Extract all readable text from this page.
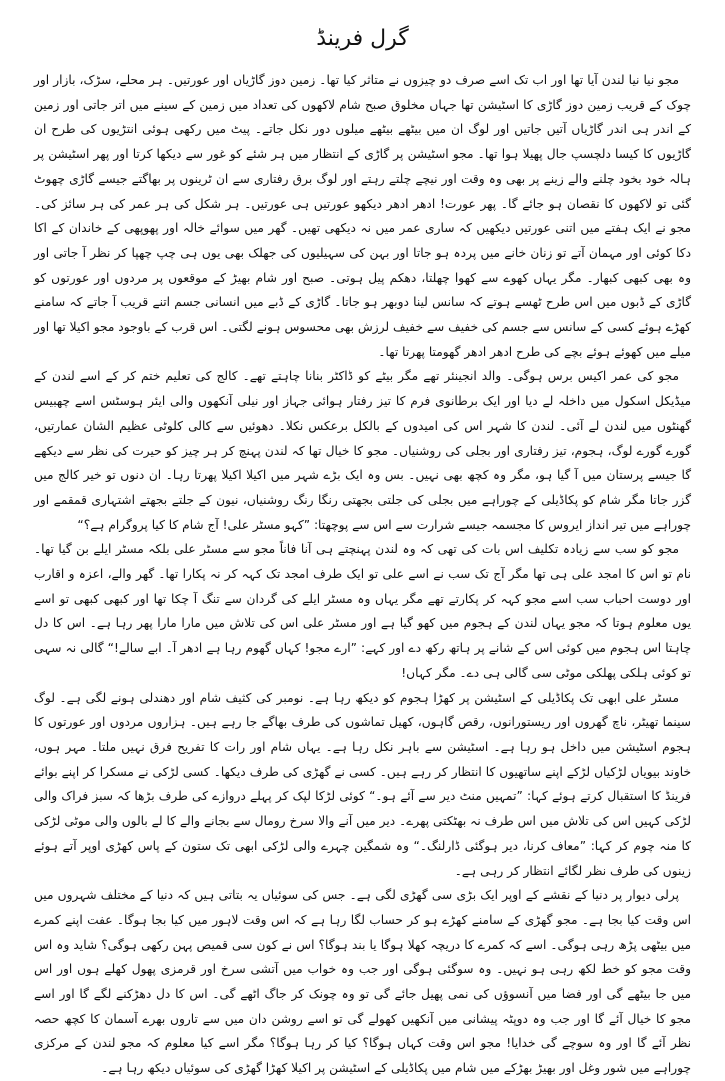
گرل فرینڈ

مجو نیا نیا لندن آیا تھا اور اب تک اسے صرف دو چیزوں نے متاثر کیا تھا۔ زمین دوز گاڑیاں اور عورتیں۔ ہر محلے، سڑک، بازار اور چوک کے قریب زمین دوز گاڑی کا اسٹیشن تھا جہاں مخلوق صبح شام لاکھوں کی تعداد میں زمین کے سینے میں اتر جاتی اور زمین کے اندر ہی اندر گاڑیاں آتیں جاتیں اور لوگ ان میں بیٹھے بیٹھے میلوں دور نکل جاتے۔ پیٹ میں رکھی ہوئی انتڑیوں کی طرح ان گاڑیوں کا کیسا دلچسپ جال پھیلا ہوا تھا۔ مجو اسٹیشن پر گاڑی کے انتظار میں ہر شئے کو غور سے دیکھا کرتا اور پھر اسٹیشن پر ہالہ خود بخود چلنے والے زینے پر بھی وہ وقت اور نیچے چلتے رہتے اور لوگ برق رفتاری سے ان ٹرینوں پر بھاگتے جیسے گاڑی چھوٹ گئی تو لاکھوں کا نقصان ہو جائے گا۔ پھر عورت! ادھر ادھر دیکھو عورتیں ہی عورتیں۔ ہر شکل کی ہر عمر کی ہر سائز کی۔ مجو نے ایک ہفتے میں اتنی عورتیں دیکھیں کہ ساری عمر میں نہ دیکھی تھیں۔ گھر میں سوائے خالہ اور پھوپھی کے خاندان کے اکا دکا کوئی اور مہمان آتے تو زنان خانے میں پردہ ہو جاتا اور بہن کی سہیلیوں کی جھلک بھی یوں ہی چپ چھپا کر نظر آ جاتی اور وہ بھی کبھی کبھار۔ مگر یہاں کھوے سے کھوا چھلتا، دھکم پیل ہوتی۔ صبح اور شام بھیڑ کے موقعوں پر مردوں اور عورتوں کو گاڑی کے ڈبوں میں اس طرح ٹھسے ہوتے کہ سانس لینا دوبھر ہو جاتا۔ گاڑی کے ڈبے میں انسانی جسم اتنے قریب آ جاتے کہ سامنے کھڑے ہوئے کسی کے سانس سے جسم کی خفیف سے خفیف لرزش بھی محسوس ہونے لگتی۔ اس قرب کے باوجود مجو اکیلا تھا اور میلے میں کھوئے ہوئے بچے کی طرح ادھر ادھر گھومتا پھرتا تھا۔

مجو کی عمر اکیس برس ہوگی۔ والد انجینئر تھے مگر بیٹے کو ڈاکٹر بنانا چاہتے تھے۔ کالج کی تعلیم ختم کر کے اسے لندن کے میڈیکل اسکول میں داخلہ لے دیا اور ایک برطانوی فرم کا تیز رفتار ہوائی جہاز اور نیلی آنکھوں والی ایئر ہوسٹس اسے چھبیس گھنٹوں میں لندن لے آئی۔ لندن کا شہر اس کی امیدوں کے بالکل برعکس نکلا۔ دھوئیں سے کالی کلوٹی عظیم الشان عمارتیں، گورے گورے لوگ، ہجوم، تیز رفتاری اور بجلی کی روشنیاں۔ مجو کا خیال تھا کہ لندن پہنچ کر ہر چیز کو حیرت کی نظر سے دیکھے گا جیسے پرستان میں آ گیا ہو، مگر وہ کچھ بھی نہیں۔ بس وہ ایک بڑے شہر میں اکیلا اکیلا پھرتا رہا۔ ان دنوں تو خیر کالج میں گزر جاتا مگر شام کو پکاڈیلی کے چوراہے میں بجلی کی جلتی بجھتی رنگا رنگ روشنیاں، نیون کے جلتے بجھتے اشتہاری قمقمے اور چوراہے میں تیر انداز ایروس کا مجسمہ جیسے شرارت سے اس سے پوچھتا: ”کہو مسٹر علی! آج شام کا کیا پروگرام ہے؟“

مجو کو سب سے زیادہ تکلیف اس بات کی تھی کہ وہ لندن پہنچتے ہی آنا فاناً مجو سے مسٹر علی بلکہ مسٹر ایلے بن گیا تھا۔ نام تو اس کا امجد علی ہی تھا مگر آج تک سب نے اسے علی تو ایک طرف امجد تک کہہ کر نہ پکارا تھا۔ گھر والے، اعزہ و اقارب اور دوست احباب سب اسے مجو کہہ کر پکارتے تھے مگر یہاں وہ مسٹر ایلے کی گردان سے تنگ آ چکا تھا اور کبھی کبھی تو اسے یوں معلوم ہوتا کہ مجو یہاں لندن کے ہجوم میں کھو گیا ہے اور مسٹر علی اس کی تلاش میں مارا مارا پھر رہا ہے۔ اس کا دل چاہتا اس ہجوم میں کوئی اس کے شانے پر ہاتھ رکھ دے اور کہے: ”ارے مجو! کہاں گھوم رہا ہے ادھر آ۔ ابے سالے!“ گالی نہ سہی تو کوئی ہلکی پھلکی موٹی سی گالی ہی دے۔ مگر کہاں!

مسٹر علی ابھی تک پکاڈیلی کے اسٹیشن پر کھڑا ہجوم کو دیکھ رہا ہے۔ نومبر کی کثیف شام اور دھندلی ہونے لگی ہے۔ لوگ سینما تھیٹر، ناچ گھروں اور ریستورانوں، رقص گاہوں، کھیل تماشوں کی طرف بھاگے جا رہے ہیں۔ ہزاروں مردوں اور عورتوں کا ہجوم اسٹیشن میں داخل ہو رہا ہے۔ اسٹیشن سے باہر نکل رہا ہے۔ یہاں شام اور رات کا تفریح فرق نہیں ملتا۔ مہر ہوں، خاوند بیویاں لڑکیاں لڑکے اپنے ساتھیوں کا انتظار کر رہے ہیں۔ کسی نے گھڑی کی طرف دیکھا۔ کسی لڑکی نے مسکرا کر اپنے بوائے فرینڈ کا استقبال کرتے ہوئے کہا: ”تمہیں منٹ دیر سے آئے ہو۔“ کوئی لڑکا لپک کر پہلے دروازے کی طرف بڑھا کہ سبز فراک والی لڑکی کہیں اس کی تلاش میں اس طرف نہ بھٹکتی پھرے۔ دیر میں آنے والا سرخ رومال سے بجانے والے کا لے بالوں والی موٹی لڑکی کا منہ چوم کر کہا: ”معاف کرنا، دیر ہوگئی ڈارلنگ۔“ وہ شمگین چہرے والی لڑکی ابھی تک ستون کے پاس کھڑی اوپر آتے ہوئے زینوں کی طرف نظر لگائے انتظار کر رہی ہے۔

پرلی دیوار پر دنیا کے نقشے کے اوپر ایک بڑی سی گھڑی لگی ہے۔ جس کی سوئیاں یہ بتاتی ہیں کہ دنیا کے مختلف شہروں میں اس وقت کیا بجا ہے۔ مجو گھڑی کے سامنے کھڑے ہو کر حساب لگا رہا ہے کہ اس وقت لاہور میں کیا بجا ہوگا۔ عفت اپنے کمرے میں بیٹھی پڑھ رہی ہوگی۔ اسے کہ کمرے کا دریچہ کھلا ہوگا یا بند ہوگا؟ اس نے کون سی قمیص پہن رکھی ہوگی؟ شاید وہ اس وقت مجو کو خط لکھ رہی ہو نہیں۔ وہ سوگئی ہوگی اور جب وہ خواب میں آتشی سرخ اور قرمزی پھول کھلے ہوں اور اس میں جا بیٹھے گی اور فضا میں آنسوؤں کی نمی پھیل جائے گی تو وہ چونک کر جاگ اٹھے گی۔ اس کا دل دھڑکنے لگے گا اور اسے مجو کا خیال آئے گا اور جب وہ دوپٹہ پیشانی میں آنکھیں کھولے گی تو اسے روشن دان میں سے تاروں بھرے آسمان کا کچھ حصہ نظر آئے گا اور وہ سوچے گی خدایا! مجو اس وقت کہاں ہوگا؟ کیا کر رہا ہوگا؟ مگر اسے کیا معلوم کہ مجو لندن کے مرکزی چوراہے میں شور وغل اور بھیڑ بھڑکے میں شام میں پکاڈیلی کے اسٹیشن پر اکیلا کھڑا گھڑی کی سوئیاں دیکھ رہا ہے۔
